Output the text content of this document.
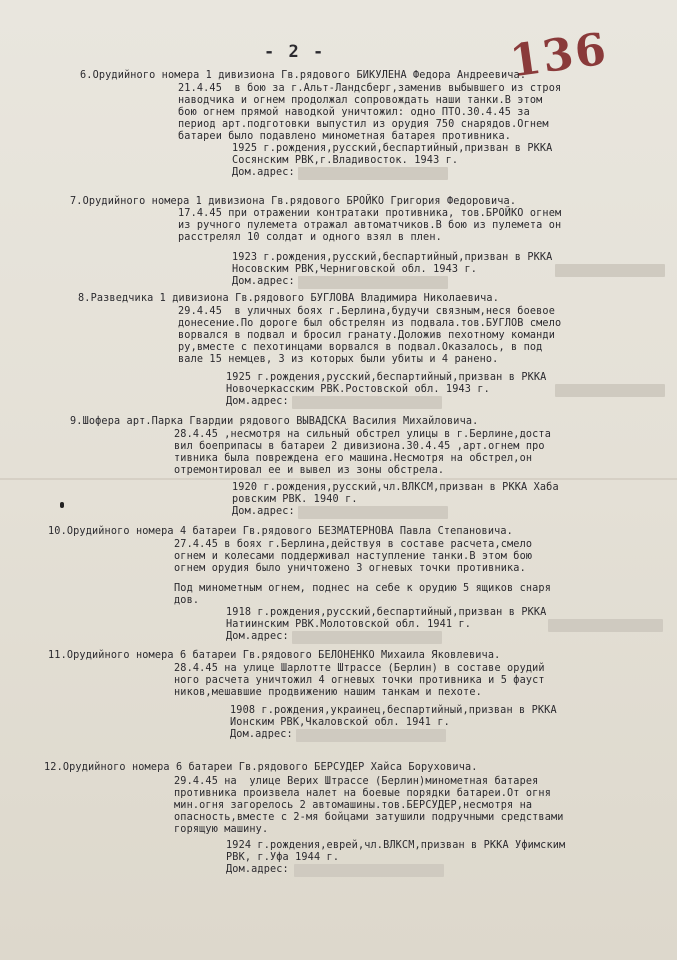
- 2 -	136
6.Орудийного номера 1 дивизиона Гв.рядового БИКУЛЕНА Федора Андреевича.
21.4.45  в бою за г.Альт-Ландсберг,заменив выбывшего из строя
наводчика и огнем продолжал сопровождать наши танки.В этом
бою огнем прямой наводкой уничтожил: одно ПТО.30.4.45 за
период арт.подготовки выпустил из орудия 750 снарядов.Огнем
батареи было подавлено минометная батарея противника.
1925 г.рождения,русский,беспартийный,призван в РККА
Сосянским РВК,г.Владивосток. 1943 г.
Дом.адрес:
7.Орудийного номера 1 дивизиона Гв.рядового БРОЙКО Григория Федоровича.
17.4.45 при отражении контратаки противника, тов.БРОЙКО огнем
из ручного пулемета отражал автоматчиков.В бою из пулемета он
расстрелял 10 солдат и одного взял в плен.
1923 г.рождения,русский,беспартийный,призван в РККА
Носовским РВК,Черниговской обл. 1943 г.
Дом.адрес:
8.Разведчика 1 дивизиона Гв.рядового БУГЛОВА Владимира Николаевича.
29.4.45  в уличных боях г.Берлина,будучи связным,неся боевое
донесение.По дороге был обстрелян из подвала.тов.БУГЛОВ смело
ворвался в подвал и бросил гранату.Доложив пехотному команди
ру,вместе с пехотинцами ворвался в подвал.Оказалось, в под
вале 15 немцев, 3 из которых были убиты и 4 ранено.
1925 г.рождения,русский,беспартийный,призван в РККА
Новочеркасским РВК.Ростовской обл. 1943 г.
Дом.адрес:
9.Шофера арт.Парка Гвардии рядового ВЫВАДСКА Василия Михайловича.
28.4.45 ,несмотря на сильный обстрел улицы в г.Берлине,доста
вил боеприпасы в батареи 2 дивизиона.30.4.45 ,арт.огнем про
тивника была повреждена его машина.Несмотря на обстрел,он
отремонтировал ее и вывел из зоны обстрела.
1920 г.рождения,русский,чл.ВЛКСМ,призван в РККА Хаба
ровским РВК. 1940 г.
Дом.адрес:
10.Орудийного номера 4 батареи Гв.рядового БЕЗМАТЕРНОВА Павла Степановича.
27.4.45 в боях г.Берлина,действуя в составе расчета,смело
огнем и колесами поддерживал наступление танки.В этом бою
огнем орудия было уничтожено 3 огневых точки противника.
Под минометным огнем, поднес на себе к орудию 5 ящиков снаря
дов.
1918 г.рождения,русский,беспартийный,призван в РККА
Натиинским РВК.Молотовской обл. 1941 г.
Дом.адрес:
11.Орудийного номера 6 батареи Гв.рядового БЕЛОНЕНКО Михаила Яковлевича.
28.4.45 на улице Шарлотте Штрассе (Берлин) в составе орудий
ного расчета уничтожил 4 огневых точки противника и 5 фауст
ников,мешавшие продвижению нашим танкам и пехоте.
1908 г.рождения,украинец,беспартийный,призван в РККА
Ионским РВК,Чкаловской обл. 1941 г.
Дом.адрес:
12.Орудийного номера 6 батареи Гв.рядового БЕРСУДЕР Хайса Боруховича.
29.4.45 на  улице Верих Штрассе (Берлин)минометная батарея
противника произвела налет на боевые порядки батареи.От огня
мин.огня загорелось 2 автомашины.тов.БЕРСУДЕР,несмотря на
опасность,вместе с 2-мя бойцами затушили подручными средствами
горящую машину.
1924 г.рождения,еврей,чл.ВЛКСМ,призван в РККА Уфимским
РВК, г.Уфа 1944 г.
Дом.адрес:
